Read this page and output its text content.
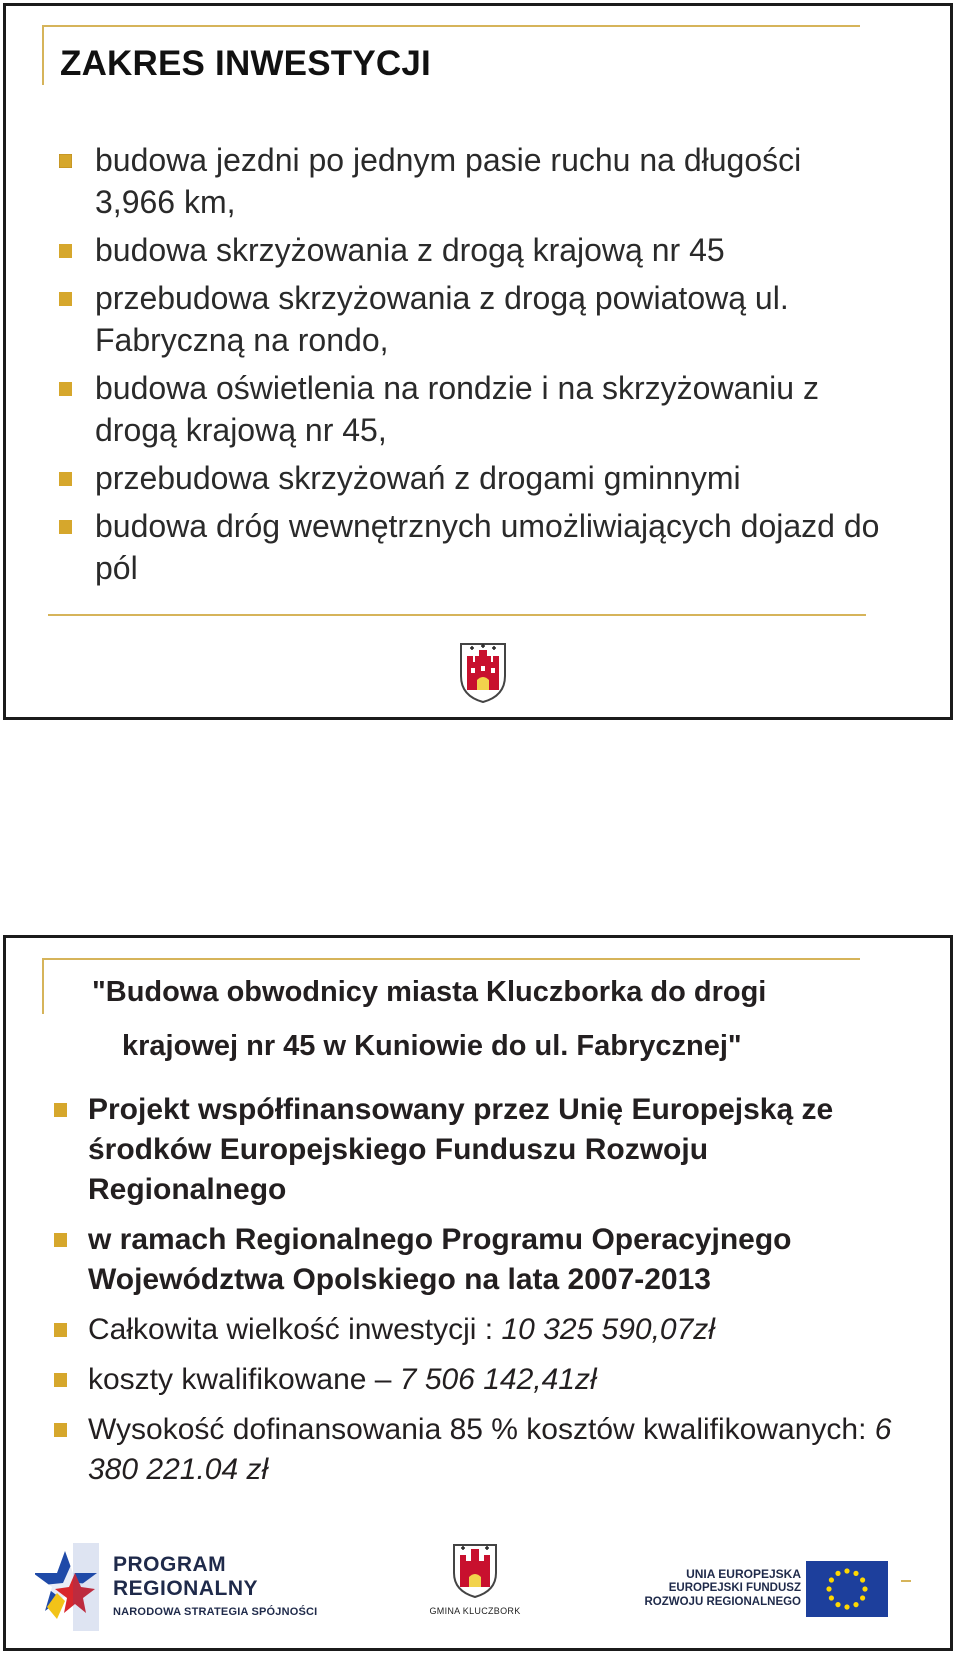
ZAKRES INWESTYCJI
budowa jezdni po jednym pasie ruchu na długości 3,966 km,
budowa skrzyżowania z drogą krajową nr 45
przebudowa skrzyżowania z drogą powiatową ul. Fabryczną na rondo,
budowa oświetlenia na rondzie i na skrzyżowaniu z drogą krajową nr 45,
przebudowa skrzyżowań z drogami gminnymi
budowa dróg wewnętrznych umożliwiających dojazd do pól
"Budowa obwodnicy miasta Kluczborka do drogi
krajowej nr 45 w Kuniowie do ul. Fabrycznej"
Projekt współfinansowany przez Unię Europejską ze środków Europejskiego Funduszu Rozwoju Regionalnego
w ramach Regionalnego Programu Operacyjnego Województwa Opolskiego na lata 2007-2013
Całkowita wielkość inwestycji : 10 325 590,07zł
koszty kwalifikowane – 7 506 142,41zł
Wysokość dofinansowania 85 % kosztów kwalifikowanych: 6 380 221.04 zł
PROGRAM
REGIONALNY
NARODOWA STRATEGIA SPÓJNOŚCI	GMINA KLUCZBORK
UNIA EUROPEJSKA
EUROPEJSKI FUNDUSZ
ROZWOJU REGIONALNEGO
